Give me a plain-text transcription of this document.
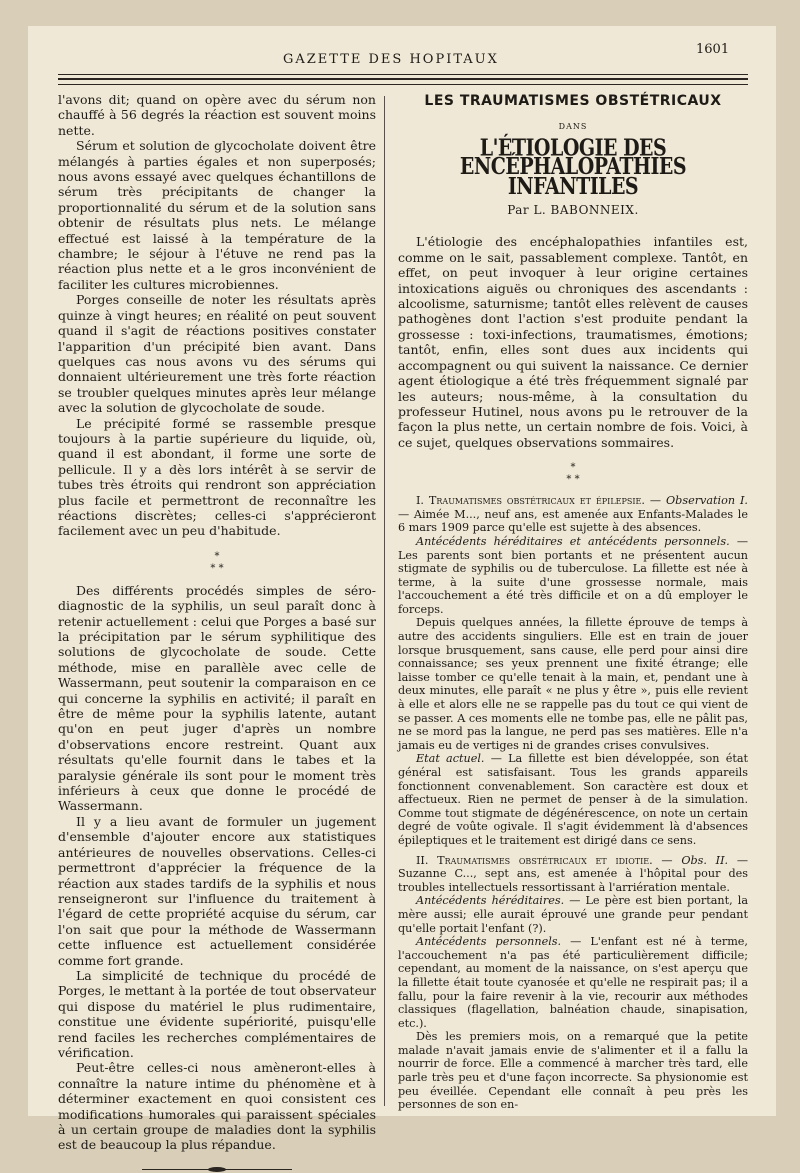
GAZETTE DES HOPITAUX
1601

l'avons dit; quand on opère avec du sérum non chauffé à 56 degrés la réaction est souvent moins nette.

Sérum et solution de glycocholate doivent être mélangés à parties égales et non superposés; nous avons essayé avec quelques échantillons de sérum très précipitants de changer la proportionnalité du sérum et de la solution sans obtenir de résultats plus nets. Le mélange effectué est laissé à la température de la chambre; le séjour à l'étuve ne rend pas la réaction plus nette et a le gros inconvénient de faciliter les cultures microbiennes.

Porges conseille de noter les résultats après quinze à vingt heures; en réalité on peut souvent quand il s'agit de réactions positives constater l'apparition d'un précipité bien avant. Dans quelques cas nous avons vu des sérums qui donnaient ultérieurement une très forte réaction se troubler quelques minutes après leur mélange avec la solution de glycocholate de soude.

Le précipité formé se rassemble presque toujours à la partie supérieure du liquide, où, quand il est abondant, il forme une sorte de pellicule. Il y a dès lors intérêt à se servir de tubes très étroits qui rendront son appréciation plus facile et permettront de reconnaître les réactions discrètes; celles-ci s'apprécieront facilement avec un peu d'habitude.

*
* *

Des différents procédés simples de séro-diagnostic de la syphilis, un seul paraît donc à retenir actuellement : celui que Porges a basé sur la précipitation par le sérum syphilitique des solutions de glycocholate de soude. Cette méthode, mise en parallèle avec celle de Wassermann, peut soutenir la comparaison en ce qui concerne la syphilis en activité; il paraît en être de même pour la syphilis latente, autant qu'on en peut juger d'après un nombre d'observations encore restreint. Quant aux résultats qu'elle fournit dans le tabes et la paralysie générale ils sont pour le moment très inférieurs à ceux que donne le procédé de Wassermann.

Il y a lieu avant de formuler un jugement d'ensemble d'ajouter encore aux statistiques antérieures de nouvelles observations. Celles-ci permettront d'apprécier la fréquence de la réaction aux stades tardifs de la syphilis et nous renseigneront sur l'influence du traitement à l'égard de cette propriété acquise du sérum, car l'on sait que pour la méthode de Wassermann cette influence est actuellement considérée comme fort grande.

La simplicité de technique du procédé de Porges, le mettant à la portée de tout observateur qui dispose du matériel le plus rudimentaire, constitue une évidente supériorité, puisqu'elle rend faciles les recherches complémentaires de vérification.

Peut-être celles-ci nous amèneront-elles à connaître la nature intime du phénomène et à déterminer exactement en quoi consistent ces modifications humorales qui paraissent spéciales à un certain groupe de maladies dont la syphilis est de beaucoup la plus répandue.

LES TRAUMATISMES OBSTÉTRICAUX
DANS
L'ÉTIOLOGIE DES ENCÉPHALOPATHIES INFANTILES
Par L. BABONNEIX.

L'étiologie des encéphalopathies infantiles est, comme on le sait, passablement complexe. Tantôt, en effet, on peut invoquer à leur origine certaines intoxications aiguës ou chroniques des ascendants : alcoolisme, saturnisme; tantôt elles relèvent de causes pathogènes dont l'action s'est produite pendant la grossesse : toxi-infections, traumatismes, émotions; tantôt, enfin, elles sont dues aux incidents qui accompagnent ou qui suivent la naissance. Ce dernier agent étiologique a été très fréquemment signalé par les auteurs; nous-même, à la consultation du professeur Hutinel, nous avons pu le retrouver de la façon la plus nette, un certain nombre de fois. Voici, à ce sujet, quelques observations sommaires.

*
* *

I. Traumatismes obstétricaux et épilepsie. — Observation I. — Aimée M..., neuf ans, est amenée aux Enfants-Malades le 6 mars 1909 parce qu'elle est sujette à des absences.

Antécédents héréditaires et antécédents personnels. — Les parents sont bien portants et ne présentent aucun stigmate de syphilis ou de tuberculose. La fillette est née à terme, à la suite d'une grossesse normale, mais l'accouchement a été très difficile et on a dû employer le forceps.

Depuis quelques années, la fillette éprouve de temps à autre des accidents singuliers. Elle est en train de jouer lorsque brusquement, sans cause, elle perd pour ainsi dire connaissance; ses yeux prennent une fixité étrange; elle laisse tomber ce qu'elle tenait à la main, et, pendant une à deux minutes, elle paraît « ne plus y être », puis elle revient à elle et alors elle ne se rappelle pas du tout ce qui vient de se passer. A ces moments elle ne tombe pas, elle ne pâlit pas, ne se mord pas la langue, ne perd pas ses matières. Elle n'a jamais eu de vertiges ni de grandes crises convulsives.

Etat actuel. — La fillette est bien développée, son état général est satisfaisant. Tous les grands appareils fonctionnent convenablement. Son caractère est doux et affectueux. Rien ne permet de penser à de la simulation. Comme tout stigmate de dégénérescence, on note un certain degré de voûte ogivale. Il s'agit évidemment là d'absences épileptiques et le traitement est dirigé dans ce sens.

II. Traumatismes obstétricaux et idiotie. — Obs. II. — Suzanne C..., sept ans, est amenée à l'hôpital pour des troubles intellectuels ressortissant à l'arriération mentale.

Antécédents héréditaires. — Le père est bien portant, la mère aussi; elle aurait éprouvé une grande peur pendant qu'elle portait l'enfant (?).

Antécédents personnels. — L'enfant est né à terme, l'accouchement n'a pas été particulièrement difficile; cependant, au moment de la naissance, on s'est aperçu que la fillette était toute cyanosée et qu'elle ne respirait pas; il a fallu, pour la faire revenir à la vie, recourir aux méthodes classiques (flagellation, balnéation chaude, sinapisation, etc.).

Dès les premiers mois, on a remarqué que la petite malade n'avait jamais envie de s'alimenter et il a fallu la nourrir de force. Elle a commencé à marcher très tard, elle parle très peu et d'une façon incorrecte. Sa physionomie est peu éveillée. Cependant elle connaît à peu près les personnes de son en-
